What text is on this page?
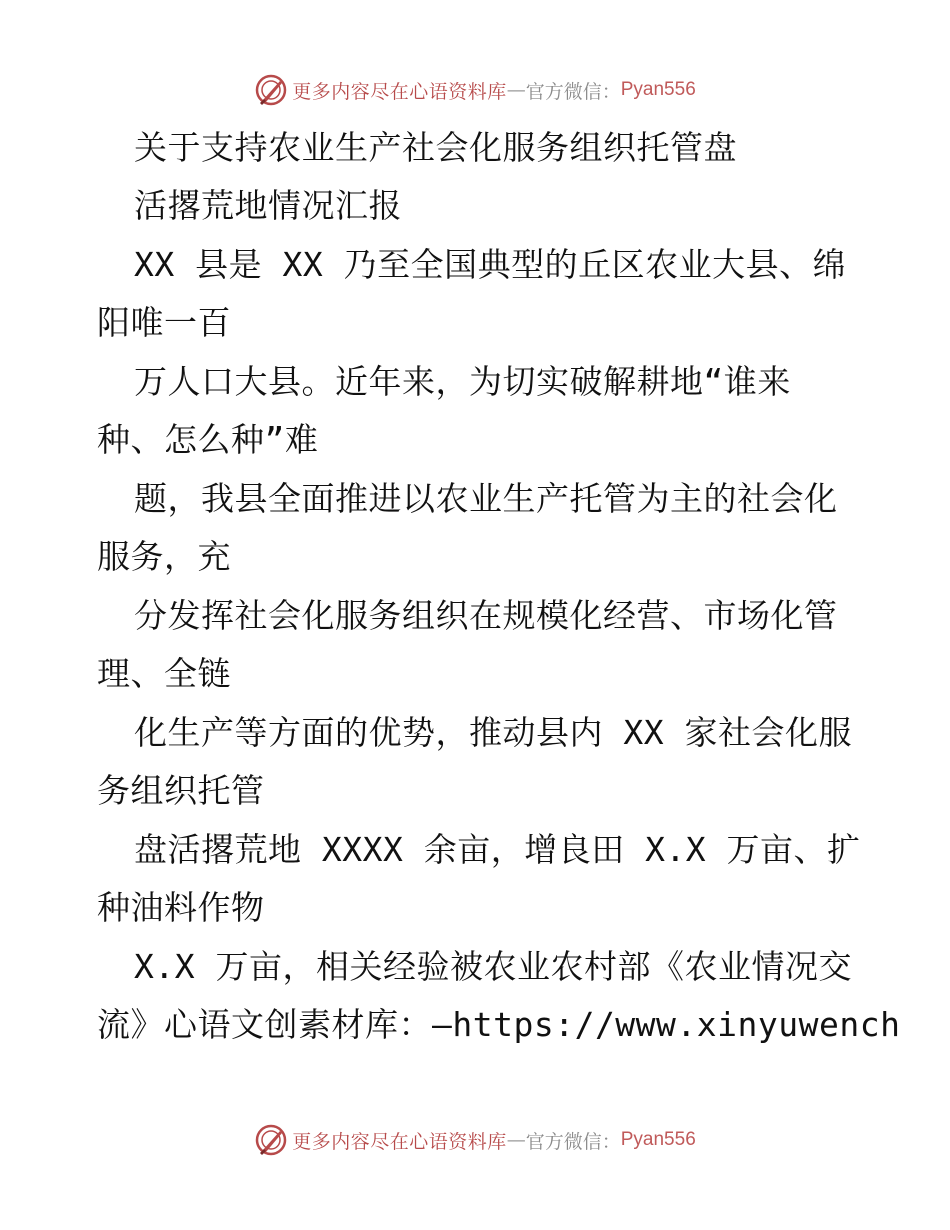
更多内容尽在心语资料库 — 官方微信： Pyan556
关于支持农业生产社会化服务组织托管盘
活撂荒地情况汇报
XX 县是 XX 乃至全国典型的丘区农业大县、绵
阳唯一百
万人口大县。近年来，为切实破解耕地“谁来
种、怎么种”难
题，我县全面推进以农业生产托管为主的社会化
服务，充
分发挥社会化服务组织在规模化经营、市场化管
理、全链
化生产等方面的优势，推动县内 XX 家社会化服
务组织托管
盘活撂荒地 XXXX 余亩，增良田 X.X 万亩、扩
种油料作物
X.X 万亩，相关经验被农业农村部《农业情况交
流》心语文创素材库：—https://www.xinyuwench
更多内容尽在心语资料库 — 官方微信： Pyan556
